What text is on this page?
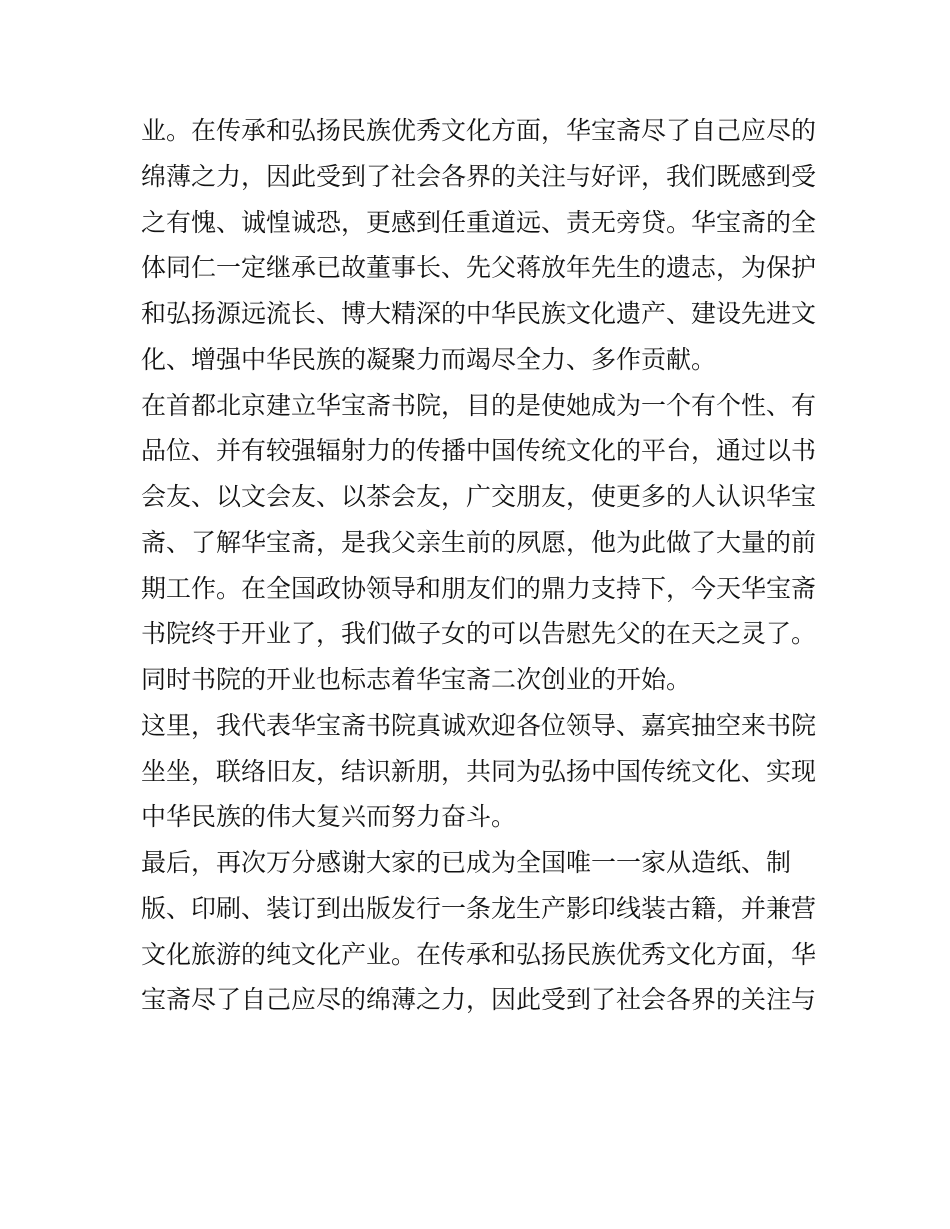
业。在传承和弘扬民族优秀文化方面，华宝斋尽了自己应尽的

绵薄之力，因此受到了社会各界的关注与好评，我们既感到受

之有愧、诚惶诚恐，更感到任重道远、责无旁贷。华宝斋的全

体同仁一定继承已故董事长、先父蒋放年先生的遗志，为保护

和弘扬源远流长、博大精深的中华民族文化遗产、建设先进文

化、增强中华民族的凝聚力而竭尽全力、多作贡献。

在首都北京建立华宝斋书院，目的是使她成为一个有个性、有

品位、并有较强辐射力的传播中国传统文化的平台，通过以书

会友、以文会友、以茶会友，广交朋友，使更多的人认识华宝

斋、了解华宝斋，是我父亲生前的夙愿，他为此做了大量的前

期工作。在全国政协领导和朋友们的鼎力支持下，今天华宝斋

书院终于开业了，我们做子女的可以告慰先父的在天之灵了。

同时书院的开业也标志着华宝斋二次创业的开始。

这里，我代表华宝斋书院真诚欢迎各位领导、嘉宾抽空来书院

坐坐，联络旧友，结识新朋，共同为弘扬中国传统文化、实现

中华民族的伟大复兴而努力奋斗。

最后，再次万分感谢大家的已成为全国唯一一家从造纸、制

版、印刷、装订到出版发行一条龙生产影印线装古籍，并兼营

文化旅游的纯文化产业。在传承和弘扬民族优秀文化方面，华

宝斋尽了自己应尽的绵薄之力，因此受到了社会各界的关注与
